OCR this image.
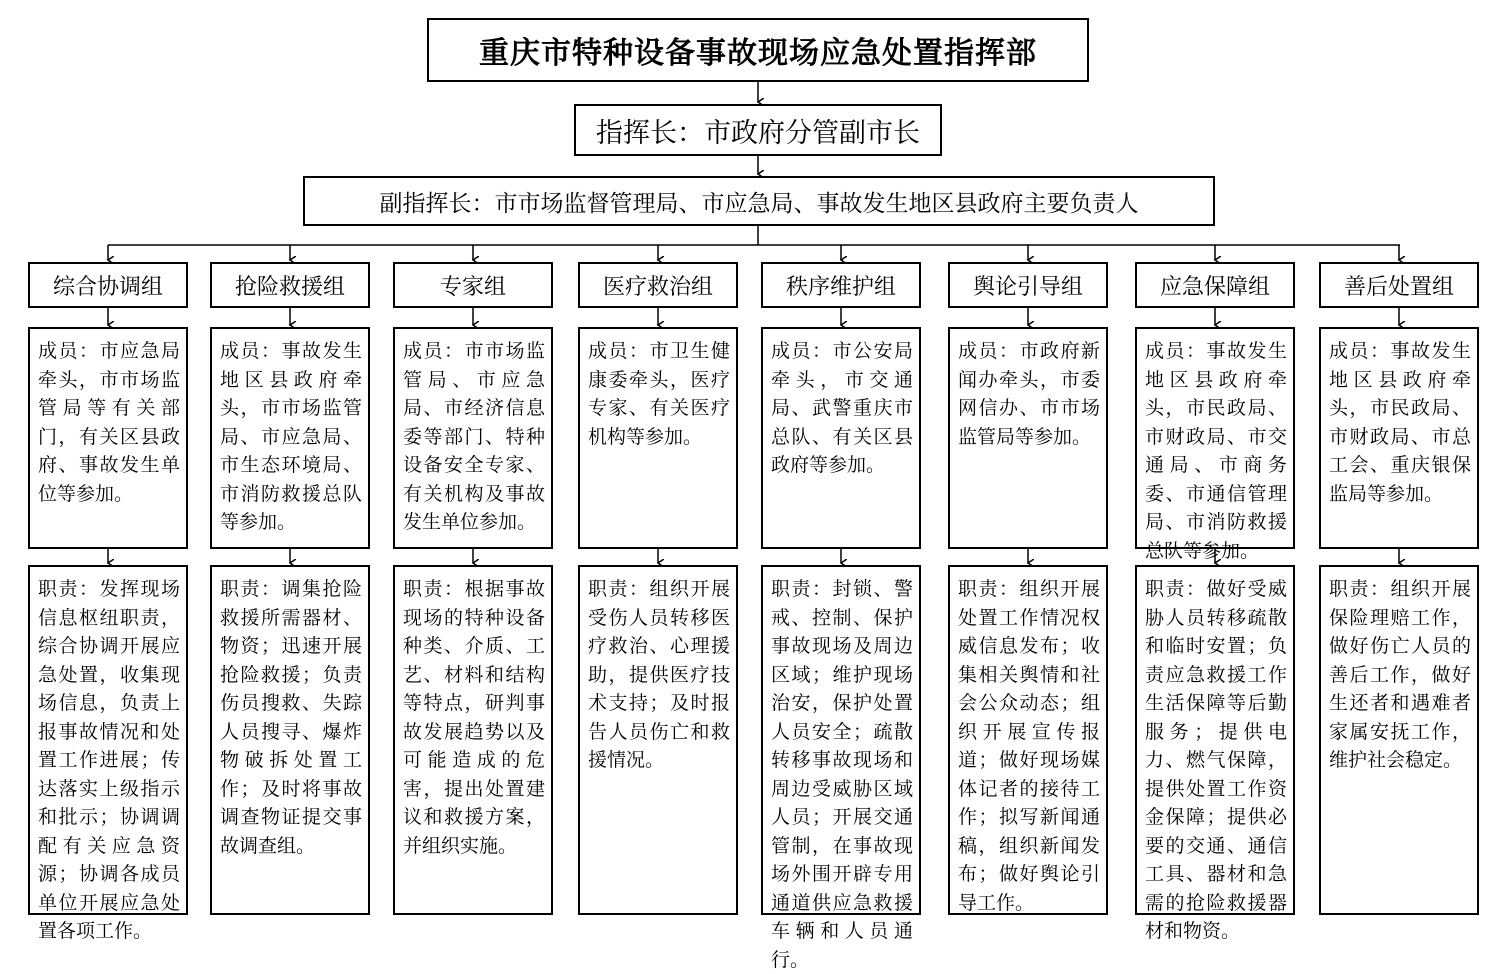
重庆市特种设备事故现场应急处置指挥部
指挥长：市政府分管副市长
副指挥长：市市场监督管理局、市应急局、事故发生地区县政府主要负责人
综合协调组
成员：市应急局牵头，市市场监管局等有关部门，有关区县政府、事故发生单位等参加。
职责：发挥现场信息枢纽职责，综合协调开展应急处置，收集现场信息，负责上报事故情况和处置工作进展；传达落实上级指示和批示；协调调配有关应急资源；协调各成员单位开展应急处置各项工作。
抢险救援组
成员：事故发生地区县政府牵头，市市场监管局、市应急局、市生态环境局、市消防救援总队等参加。
职责：调集抢险救援所需器材、物资；迅速开展抢险救援；负责伤员搜救、失踪人员搜寻、爆炸物破拆处置工作；及时将事故调查物证提交事故调查组。
专家组
成员：市市场监管局、市应急局、市经济信息委等部门、特种设备安全专家、有关机构及事故发生单位参加。
职责：根据事故现场的特种设备种类、介质、工艺、材料和结构等特点，研判事故发展趋势以及可能造成的危害，提出处置建议和救援方案，并组织实施。
医疗救治组
成员：市卫生健康委牵头，医疗专家、有关医疗机构等参加。
职责：组织开展受伤人员转移医疗救治、心理援助，提供医疗技术支持；及时报告人员伤亡和救援情况。
秩序维护组
成员：市公安局牵头，市交通局、武警重庆市总队、有关区县政府等参加。
职责：封锁、警戒、控制、保护事故现场及周边区域；维护现场治安，保护处置人员安全；疏散转移事故现场和周边受威胁区域人员；开展交通管制，在事故现场外围开辟专用通道供应急救援车辆和人员通行。
舆论引导组
成员：市政府新闻办牵头，市委网信办、市市场监管局等参加。
职责：组织开展处置工作情况权威信息发布；收集相关舆情和社会公众动态；组织开展宣传报道；做好现场媒体记者的接待工作；拟写新闻通稿，组织新闻发布；做好舆论引导工作。
应急保障组
成员：事故发生地区县政府牵头，市民政局、市财政局、市交通局、市商务委、市通信管理局、市消防救援总队等参加。
职责：做好受威胁人员转移疏散和临时安置；负责应急救援工作生活保障等后勤服务；提供电力、燃气保障，提供处置工作资金保障；提供必要的交通、通信工具、器材和急需的抢险救援器材和物资。
善后处置组
成员：事故发生地区县政府牵头，市民政局、市财政局、市总工会、重庆银保监局等参加。
职责：组织开展保险理赔工作，做好伤亡人员的善后工作，做好生还者和遇难者家属安抚工作，维护社会稳定。
